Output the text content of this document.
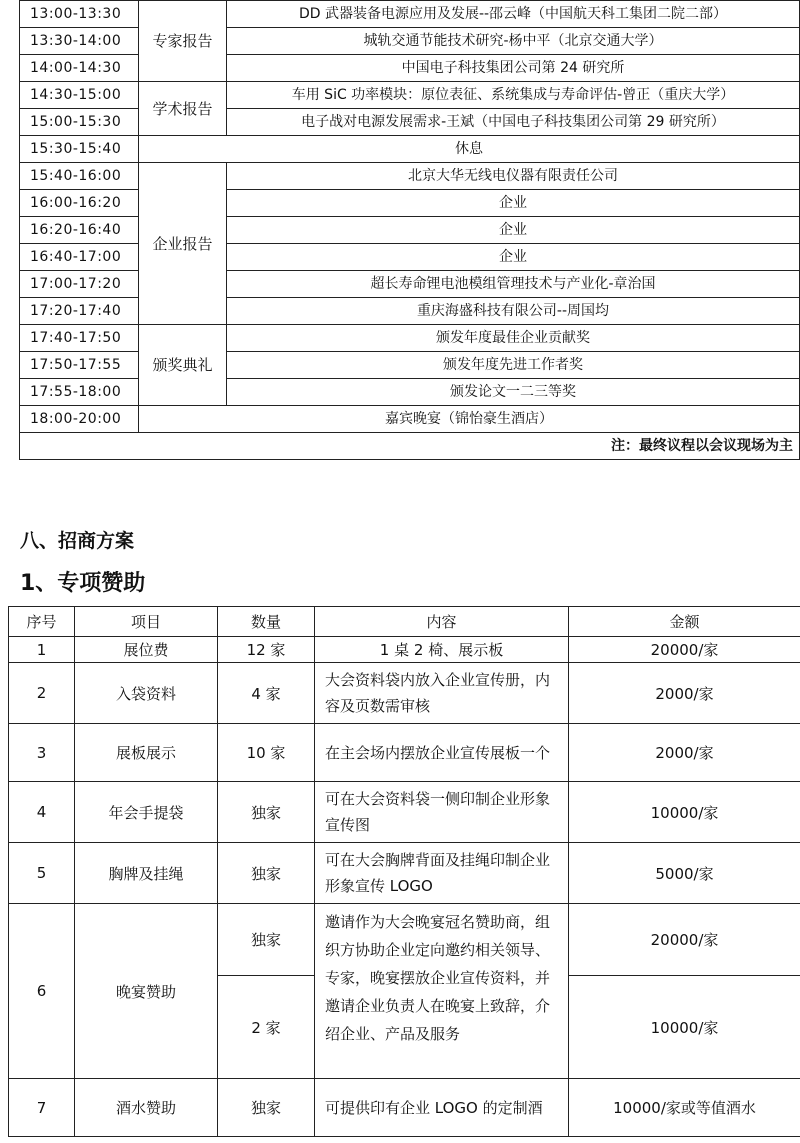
13:00-13:30	专家报告	DD 武器装备电源应用及发展--邵云峰（中国航天科工集团二院二部）
13:30-14:00		城轨交通节能技术研究-杨中平（北京交通大学）
14:00-14:30		中国电子科技集团公司第 24 研究所
14:30-15:00	学术报告	车用 SiC 功率模块：原位表征、系统集成与寿命评估-曾正（重庆大学）
15:00-15:30		电子战对电源发展需求-王斌（中国电子科技集团公司第 29 研究所）
15:30-15:40	休息	
15:40-16:00	企业报告	北京大华无线电仪器有限责任公司
16:00-16:20		企业
16:20-16:40		企业
16:40-17:00		企业
17:00-17:20		超长寿命锂电池模组管理技术与产业化-章治国
17:20-17:40		重庆海盛科技有限公司--周国均
17:40-17:50	颁奖典礼	颁发年度最佳企业贡献奖
17:50-17:55		颁发年度先进工作者奖
17:55-18:00		颁发论文一二三等奖
18:00-20:00	嘉宾晚宴（锦怡豪生酒店）	
注：最终议程以会议现场为主		
八、招商方案
1、专项赞助
序号	项目	数量	内容	金额
1	展位费	12 家	1 桌 2 椅、展示板	20000/家
2	入袋资料	4 家	大会资料袋内放入企业宣传册，内容及页数需审核	2000/家
3	展板展示	10 家	在主会场内摆放企业宣传展板一个	2000/家
4	年会手提袋	独家	可在大会资料袋一侧印制企业形象宣传图	10000/家
5	胸牌及挂绳	独家	可在大会胸牌背面及挂绳印制企业形象宣传 LOGO	5000/家
6	晚宴赞助	独家	邀请作为大会晚宴冠名赞助商，组织方协助企业定向邀约相关领导、专家，晚宴摆放企业宣传资料，并邀请企业负责人在晚宴上致辞，介绍企业、产品及服务	20000/家
		2 家		10000/家
7	酒水赞助	独家	可提供印有企业 LOGO 的定制酒	10000/家或等值酒水
